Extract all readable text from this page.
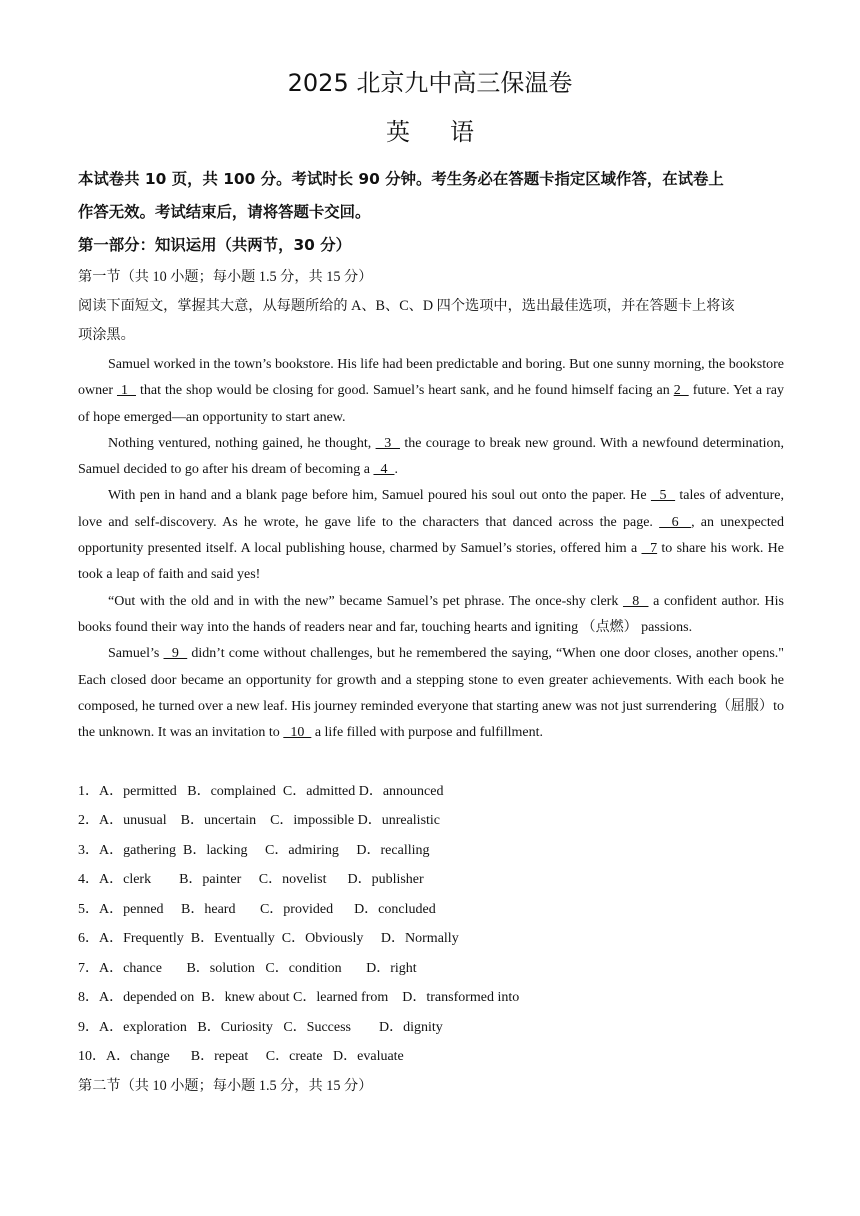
2025 北京九中高三保温卷
英语
本试卷共 10 页，共 100 分。考试时长 90 分钟。考生务必在答题卡指定区域作答，在试卷上
作答无效。考试结束后，请将答题卡交回。
第一部分：知识运用（共两节，30 分）
第一节（共 10 小题；每小题 1.5 分，共 15 分）
阅读下面短文，掌握其大意，从每题所给的 A、B、C、D 四个选项中，选出最佳选项，并在答题卡上将该
项涂黑。

Samuel worked in the town’s bookstore. His life had been predictable and boring. But one sunny morning, the bookstore owner  1   that the shop would be closing for good. Samuel’s heart sank, and he found himself facing an 2   future. Yet a ray of hope emerged—an opportunity to start anew.

Nothing ventured, nothing gained, he thought,   3   the courage to break new ground. With a newfound determination, Samuel decided to go after his dream of becoming a   4  .

With pen in hand and a blank page before him, Samuel poured his soul out onto the paper. He   5   tales of adventure, love and self-discovery. As he wrote, he gave life to the characters that danced across the page.   6  , an unexpected opportunity presented itself. A local publishing house, charmed by Samuel’s stories, offered him a   7 to share his work. He took a leap of faith and said yes!

“Out with the old and in with the new” became Samuel’s pet phrase. The once-shy clerk   8   a confident author. His books found their way into the hands of readers near and far, touching hearts and igniting （点燃） passions.

Samuel’s   9   didn’t come without challenges, but he remembered the saying, “When one door closes, another opens." Each closed door became an opportunity for growth and a stepping stone to even greater achievements. With each book he composed, he turned over a new leaf. His journey reminded everyone that starting anew was not just surrendering（屈服）to the unknown. It was an invitation to   10   a life filled with purpose and fulfillment.

1．A．permitted   B．complained  C．admitted D．announced
2．A．unusual    B．uncertain    C．impossible D．unrealistic
3．A．gathering  B．lacking     C．admiring     D．recalling
4．A．clerk        B．painter     C．novelist      D．publisher
5．A．penned     B．heard       C．provided      D．concluded
6．A．Frequently  B．Eventually  C．Obviously     D．Normally
7．A．chance       B．solution   C．condition       D．right
8．A．depended on  B．knew about C．learned from    D．transformed into
9．A．exploration   B．Curiosity   C．Success        D．dignity
10．A．change      B．repeat     C．create   D．evaluate
第二节（共 10 小题；每小题 1.5 分，共 15 分）
